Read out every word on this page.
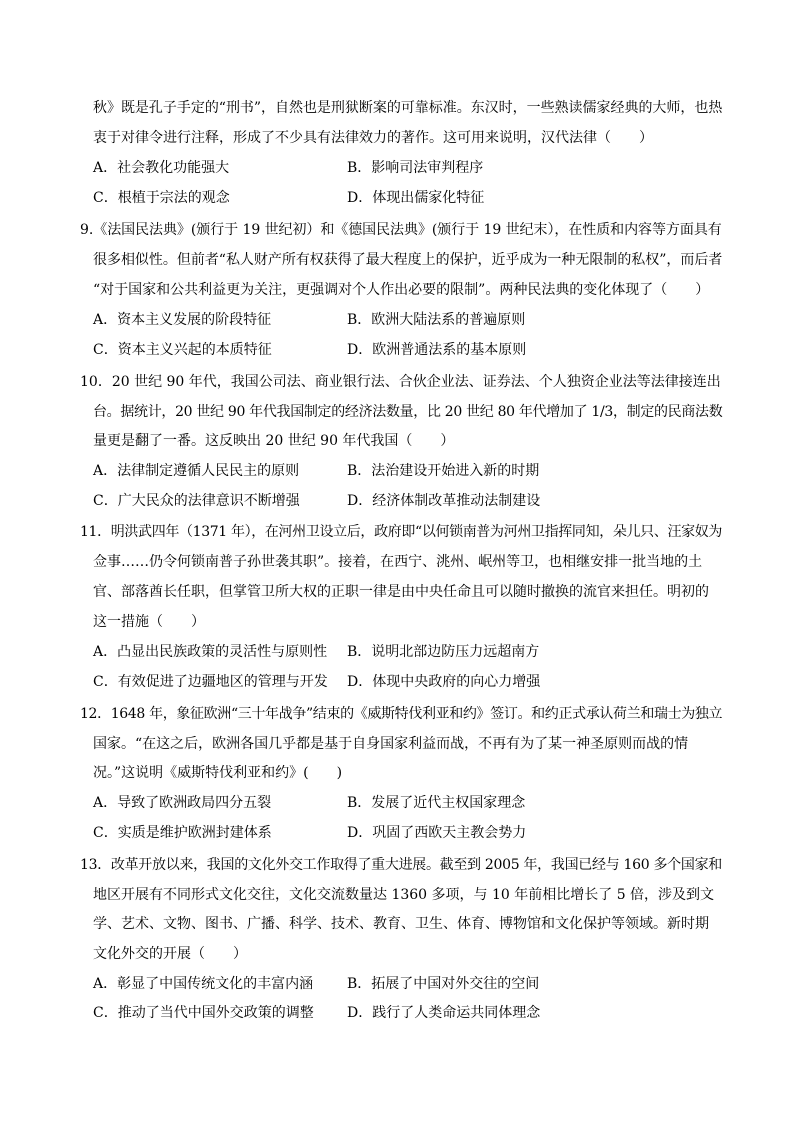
秋》既是孔子手定的“刑书”，自然也是刑狱断案的可靠标准。东汉时，一些熟读儒家经典的大师，也热
衷于对律令进行注释，形成了不少具有法律效力的著作。这可用来说明，汉代法律（　　）
A．社会教化功能强大	B．影响司法审判程序
C．根植于宗法的观念	D．体现出儒家化特征
9.《法国民法典》(颁行于 19 世纪初）和《德国民法典》(颁行于 19 世纪末），在性质和内容等方面具有
很多相似性。但前者“私人财产所有权获得了最大程度上的保护，近乎成为一种无限制的私权”，而后者
“对于国家和公共利益更为关注，更强调对个人作出必要的限制”。两种民法典的变化体现了（　　）
A．资本主义发展的阶段特征	B．欧洲大陆法系的普遍原则
C．资本主义兴起的本质特征	D．欧洲普通法系的基本原则
10．20 世纪 90 年代，我国公司法、商业银行法、合伙企业法、证券法、个人独资企业法等法律接连出
台。据统计，20 世纪 90 年代我国制定的经济法数量，比 20 世纪 80 年代增加了 1/3，制定的民商法数
量更是翻了一番。这反映出 20 世纪 90 年代我国（　　）
A．法律制定遵循人民民主的原则	B．法治建设开始进入新的时期
C．广大民众的法律意识不断增强	D．经济体制改革推动法制建设
11．明洪武四年（1371 年），在河州卫设立后，政府即“以何锁南普为河州卫指挥同知，朵儿只、汪家奴为
佥事……仍令何锁南普子孙世袭其职”。接着，在西宁、洮州、岷州等卫，也相继安排一批当地的土
官、部落酋长任职，但掌管卫所大权的正职一律是由中央任命且可以随时撤换的流官来担任。明初的
这一措施（　　）
A．凸显出民族政策的灵活性与原则性 B．说明北部边防压力远超南方
C．有效促进了边疆地区的管理与开发 D．体现中央政府的向心力增强
12．1648 年，象征欧洲“三十年战争”结束的《威斯特伐利亚和约》签订。和约正式承认荷兰和瑞士为独立
国家。“在这之后，欧洲各国几乎都是基于自身国家利益而战，不再有为了某一神圣原则而战的情
况。”这说明《威斯特伐利亚和约》(　　)
A．导致了欧洲政局四分五裂	B．发展了近代主权国家理念
C．实质是维护欧洲封建体系	D．巩固了西欧天主教会势力
13．改革开放以来，我国的文化外交工作取得了重大进展。截至到 2005 年，我国已经与 160 多个国家和
地区开展有不同形式文化交往，文化交流数量达 1360 多项，与 10 年前相比增长了 5 倍，涉及到文
学、艺术、文物、图书、广播、科学、技术、教育、卫生、体育、博物馆和文化保护等领域。新时期
文化外交的开展（　　）
A．彰显了中国传统文化的丰富内涵 B．拓展了中国对外交往的空间
C．推动了当代中国外交政策的调整 D．践行了人类命运共同体理念
